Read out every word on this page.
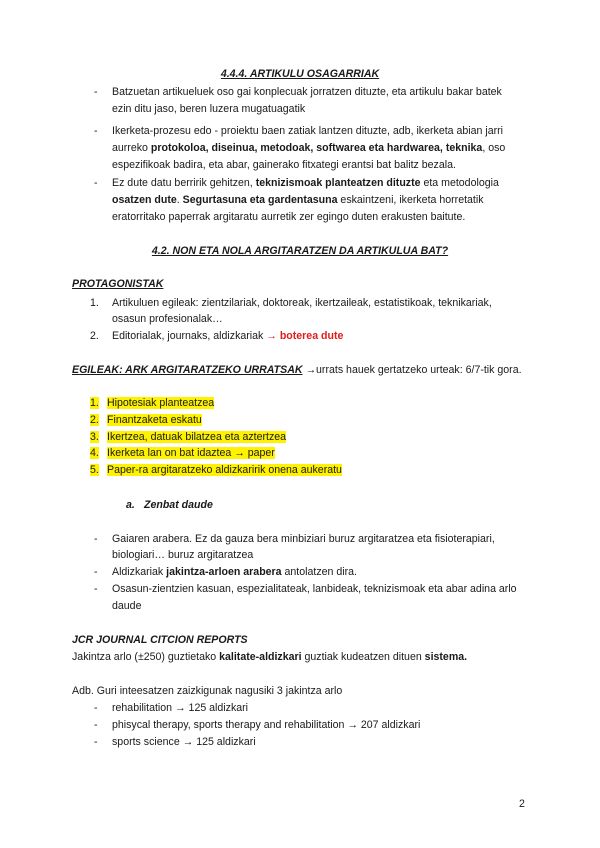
4.4.4. ARTIKULU OSAGARRIAK
- Batzuetan artikueluek oso gai konplecuak jorratzen dituzte, eta artikulu bakar batek
ezin ditu jaso, beren luzera mugatuagatik
- Ikerketa-prozesu edo - proiektu baen zatiak lantzen dituzte, adb, ikerketa abian jarri
aurreko protokoloa, diseinua, metodoak, softwarea eta hardwarea, teknika, oso
espezifikoak badira, eta abar, gainerako fitxategi erantsi bat balitz bezala.
- Ez dute datu berririk gehitzen, teknizismoak planteatzen dituzte eta metodologia
osatzen dute. Segurtasuna eta gardentasuna eskaintzeni, ikerketa horretatik
eratorritako paperrak argitaratu aurretik zer egingo duten erakusten baitute.
4.2. NON ETA NOLA ARGITARATZEN DA ARTIKULUA BAT?
PROTAGONISTAK
1. Artikuluen egileak: zientzilariak, doktoreak, ikertzaileak, estatistikoak, teknikariak,
osasun profesionalak…
2. Editorialak, journaks, aldizkariak → boterea dute
EGILEAK: ARK ARGITARATZEKO URRATSAK →urrats hauek gertatzeko urteak: 6/7-tik gora.
1. Hipotesiak planteatzea
2. Finantzaketa eskatu
3. Ikertzea, datuak bilatzea eta aztertzea
4. Ikerketa lan on bat idaztea → paper
5. Paper-ra argitaratzeko aldizkaririk onena aukeratu
a. Zenbat daude
- Gaiaren arabera. Ez da gauza bera minbiziari buruz argitaratzea eta fisioterapiari,
biologiari… buruz argitaratzea
- Aldizkariak jakintza-arloen arabera antolatzen dira.
- Osasun-zientzien kasuan, espezialitateak, lanbideak, teknizismoak eta abar adina arlo
daude
JCR JOURNAL CITCION REPORTS
Jakintza arlo (±250) guztietako kalitate-aldizkari guztiak kudeatzen dituen sistema.
Adb. Guri inteesatzen zaizkigunak nagusiki 3 jakintza arlo
- rehabilitation → 125 aldizkari
- phisycal therapy, sports therapy and rehabilitation → 207 aldizkari
- sports science → 125 aldizkari
2
